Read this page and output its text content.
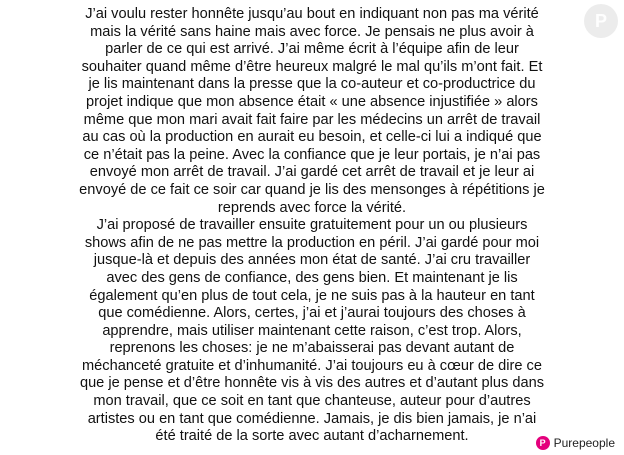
J’ai voulu rester honnête jusqu’au bout en indiquant non pas ma vérité
mais la vérité sans haine mais avec force. Je pensais ne plus avoir à
parler de ce qui est arrivé. J’ai même écrit à l’équipe afin de leur
souhaiter quand même d’être heureux malgré le mal qu’ils m’ont fait. Et
je lis maintenant dans la presse que la co-auteur et co-productrice du
projet indique que mon absence était « une absence injustifiée » alors
même que mon mari avait fait faire par les médecins un arrêt de travail
au cas où la production en aurait eu besoin, et celle-ci lui a indiqué que
ce n’était pas la peine. Avec la confiance que je leur portais, je n’ai pas
envoyé mon arrêt de travail. J’ai gardé cet arrêt de travail et je leur ai
envoyé de ce fait ce soir car quand je lis des mensonges à répétitions je
reprends avec force la vérité.
J’ai proposé de travailler ensuite gratuitement pour un ou plusieurs
shows afin de ne pas mettre la production en péril. J’ai gardé pour moi
jusque-là et depuis des années mon état de santé. J’ai cru travailler
avec des gens de confiance, des gens bien. Et maintenant je lis
également qu’en plus de tout cela, je ne suis pas à la hauteur en tant
que comédienne. Alors, certes, j’ai et j’aurai toujours des choses à
apprendre, mais utiliser maintenant cette raison, c’est trop. Alors,
reprenons les choses: je ne m’abaisserai pas devant autant de
méchanceté gratuite et d’inhumanité. J’ai toujours eu à cœur de dire ce
que je pense et d’être honnête vis à vis des autres et d’autant plus dans
mon travail, que ce soit en tant que chanteuse, auteur pour d’autres
artistes ou en tant que comédienne. Jamais, je dis bien jamais, je n’ai
été traité de la sorte avec autant d’acharnement.
P
P Purepeople
